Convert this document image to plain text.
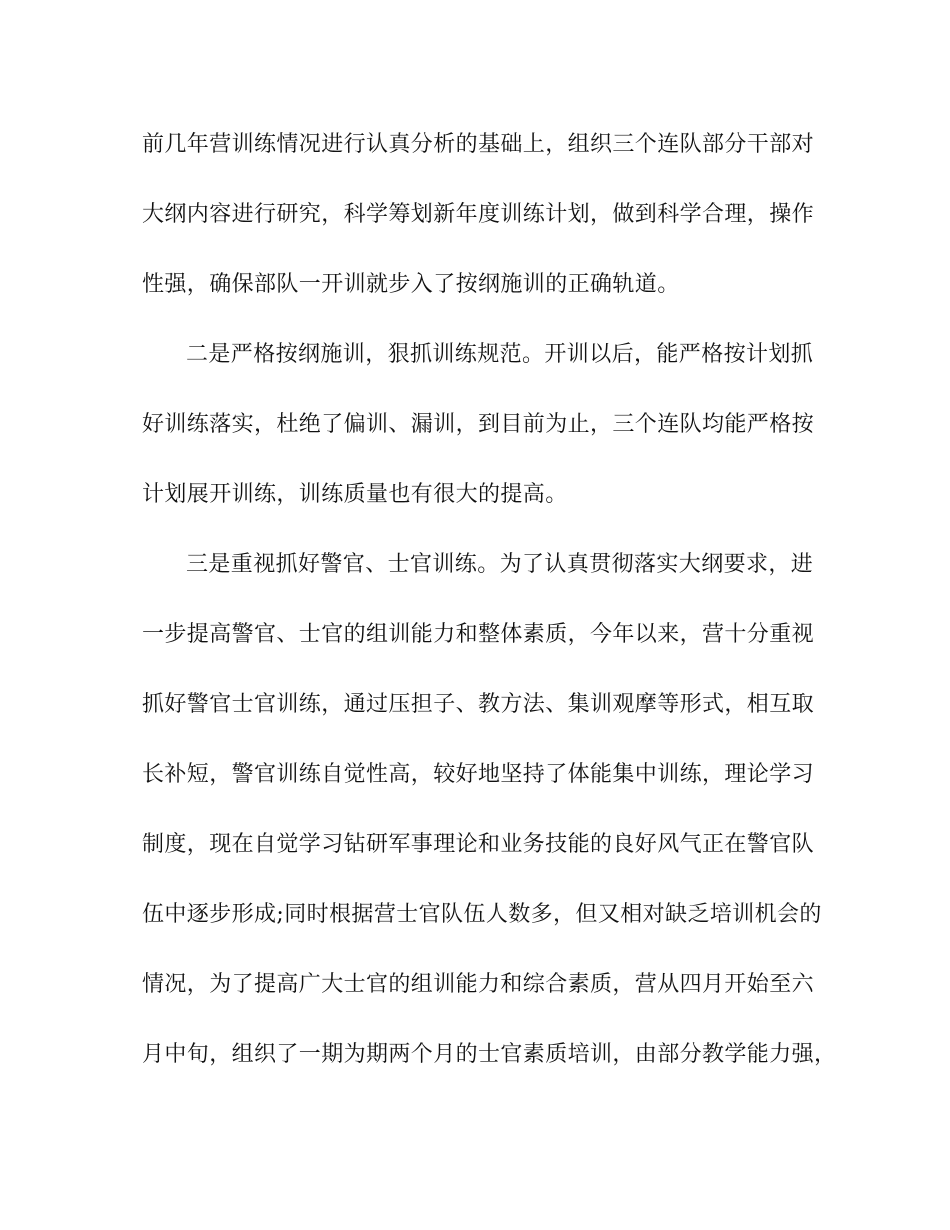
前几年营训练情况进行认真分析的基础上，组织三个连队部分干部对
大纲内容进行研究，科学筹划新年度训练计划，做到科学合理，操作
性强，确保部队一开训就步入了按纲施训的正确轨道。
二是严格按纲施训，狠抓训练规范。开训以后，能严格按计划抓
好训练落实，杜绝了偏训、漏训，到目前为止，三个连队均能严格按
计划展开训练，训练质量也有很大的提高。
三是重视抓好警官、士官训练。为了认真贯彻落实大纲要求，进
一步提高警官、士官的组训能力和整体素质，今年以来，营十分重视
抓好警官士官训练，通过压担子、教方法、集训观摩等形式，相互取
长补短，警官训练自觉性高，较好地坚持了体能集中训练，理论学习
制度，现在自觉学习钻研军事理论和业务技能的良好风气正在警官队
伍中逐步形成;同时根据营士官队伍人数多，但又相对缺乏培训机会的
情况，为了提高广大士官的组训能力和综合素质，营从四月开始至六
月中旬，组织了一期为期两个月的士官素质培训，由部分教学能力强，
